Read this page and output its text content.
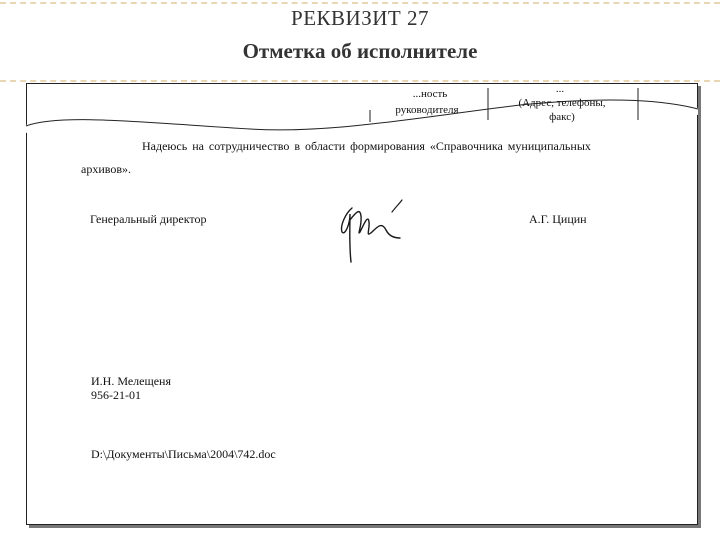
РЕКВИЗИТ 27
Отметка об исполнителе
...ность
руководителя
...
(Адрес, телефоны,
факс)
Надеюсь на сотрудничество в области формирования «Справочника муниципальных
архивов».
Генеральный директор	А.Г. Цицин
И.Н. Мелещеня
956-21-01
D:\Документы\Письма\2004\742.doc
